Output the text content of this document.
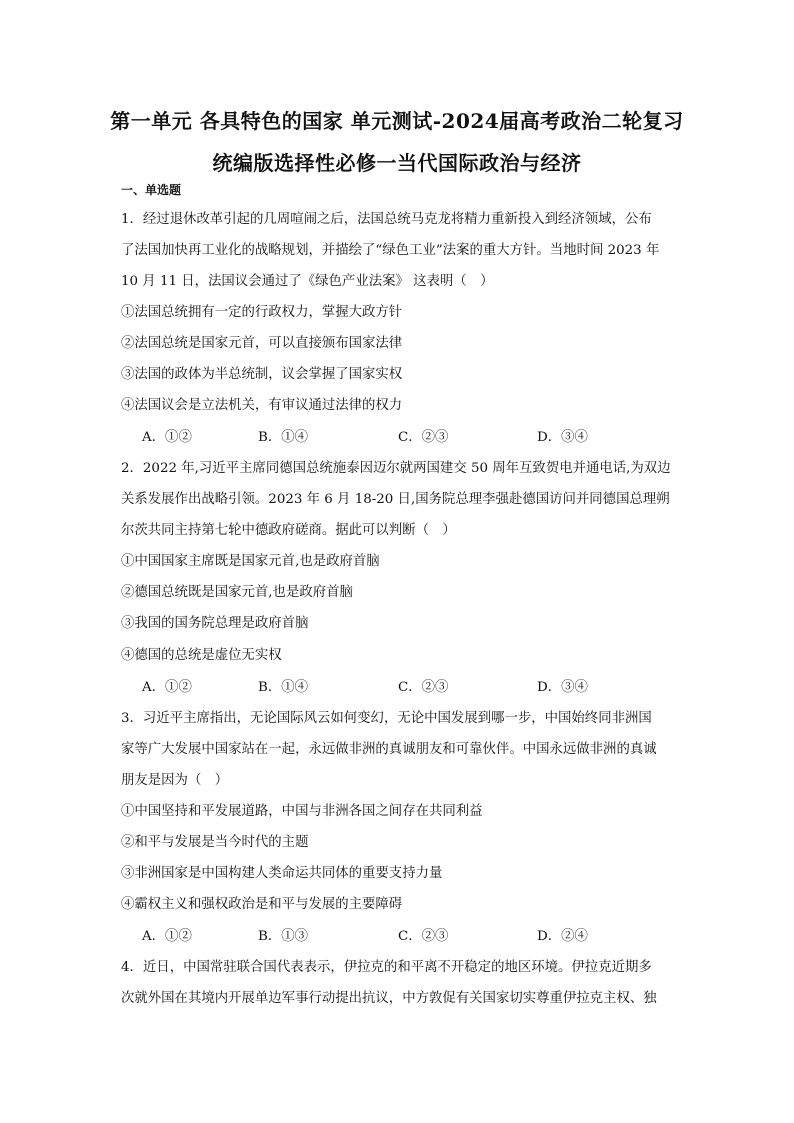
第一单元 各具特色的国家 单元测试-2024届高考政治二轮复习
统编版选择性必修一当代国际政治与经济
一、单选题
1．经过退休改革引起的几周喧闹之后，法国总统马克龙将精力重新投入到经济领域，公布
了法国加快再工业化的战略规划，并描绘了“绿色工业”法案的重大方针。当地时间 2023 年
10 月 11 日，法国议会通过了《绿色产业法案》 这表明（　）
①法国总统拥有一定的行政权力，掌握大政方针
②法国总统是国家元首，可以直接颁布国家法律
③法国的政体为半总统制，议会掌握了国家实权
④法国议会是立法机关，有审议通过法律的权力
A．①②	B．①④	C．②③	D．③④
2．2022 年,习近平主席同德国总统施泰因迈尔就两国建交 50 周年互致贺电并通电话,为双边
关系发展作出战略引领。2023 年 6 月 18-20 日,国务院总理李强赴德国访问并同德国总理朔
尔茨共同主持第七轮中德政府磋商。据此可以判断（　）
①中国国家主席既是国家元首,也是政府首脑
②德国总统既是国家元首,也是政府首脑
③我国的国务院总理是政府首脑
④德国的总统是虚位无实权
A．①②	B．①④	C．②③	D．③④
3．习近平主席指出，无论国际风云如何变幻，无论中国发展到哪一步，中国始终同非洲国
家等广大发展中国家站在一起，永远做非洲的真诚朋友和可靠伙伴。中国永远做非洲的真诚
朋友是因为（　）
①中国坚持和平发展道路，中国与非洲各国之间存在共同利益
②和平与发展是当今时代的主题
③非洲国家是中国构建人类命运共同体的重要支持力量
④霸权主义和强权政治是和平与发展的主要障碍
A．①②	B．①③	C．②③	D．②④
4．近日，中国常驻联合国代表表示，伊拉克的和平离不开稳定的地区环境。伊拉克近期多
次就外国在其境内开展单边军事行动提出抗议，中方敦促有关国家切实尊重伊拉克主权、独
